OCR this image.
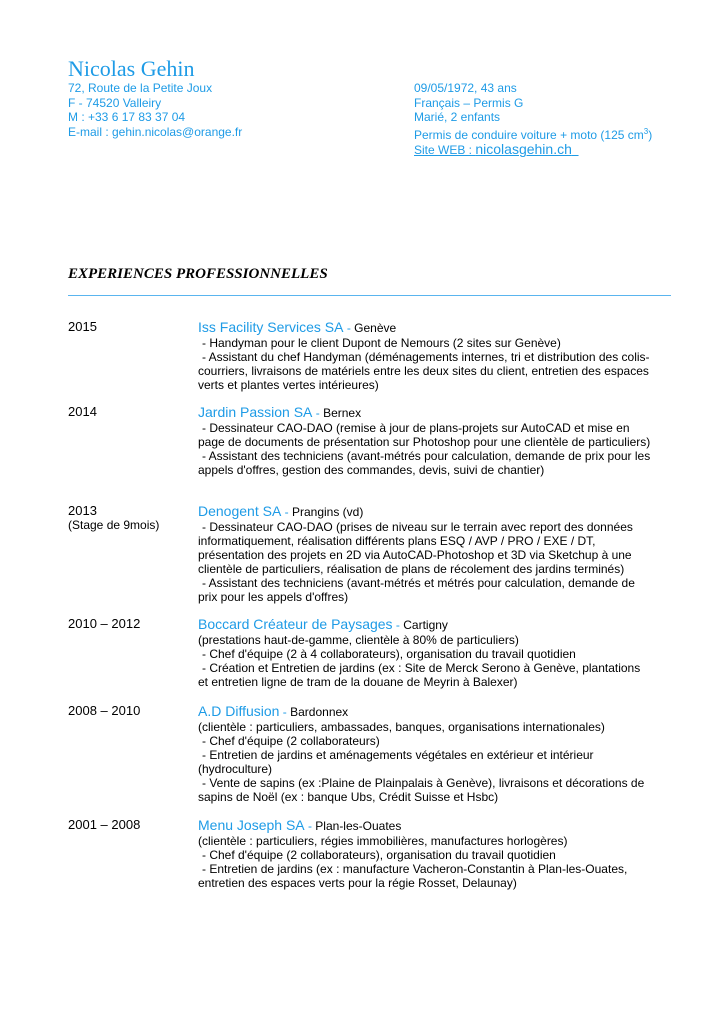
Nicolas Gehin
72, Route de la Petite Joux
F - 74520 Valleiry
M : +33 6 17 83 37 04
E-mail : gehin.nicolas@orange.fr
09/05/1972, 43 ans
Français – Permis G
Marié, 2 enfants
Permis de conduire voiture + moto (125 $cm^3$)
Site WEB : nicolasgehin.ch
EXPERIENCES PROFESSIONNELLES
2015	Iss Facility Services SA - Genève

- Handyman pour le client Dupont de Nemours (2 sites sur Genève)

- Assistant du chef Handyman (déménagements internes, tri et distribution des colis-courriers, livraisons de matériels entre les deux sites du client, entretien des espaces verts et plantes vertes intérieures)

2014	Jardin Passion SA - Bernex

- Dessinateur CAO-DAO (remise à jour de plans-projets sur AutoCAD et mise en page de documents de présentation sur Photoshop pour une clientèle de particuliers)

- Assistant des techniciens (avant-métrés pour calculation, demande de prix pour les appels d'offres, gestion des commandes, devis, suivi de chantier)

2013
(Stage de 9mois)
Denogent SA - Prangins (vd)

- Dessinateur CAO-DAO (prises de niveau sur le terrain avec report des données informatiquement, réalisation différents plans ESQ / AVP / PRO / EXE / DT, présentation des projets en 2D via AutoCAD-Photoshop et 3D via Sketchup à une clientèle de particuliers, réalisation de plans de récolement des jardins terminés)

- Assistant des techniciens (avant-métrés et métrés pour calculation, demande de prix pour les appels d'offres)

2010 – 2012	Boccard Créateur de Paysages - Cartigny

(prestations haut-de-gamme, clientèle à 80% de particuliers)

- Chef d'équipe (2 à 4 collaborateurs), organisation du travail quotidien

- Création et Entretien de jardins (ex : Site de Merck Serono à Genève, plantations et entretien ligne de tram de la douane de Meyrin à Balexer)

2008 – 2010	A.D Diffusion - Bardonnex

(clientèle : particuliers, ambassades, banques, organisations internationales)

- Chef d'équipe (2 collaborateurs)

- Entretien de jardins et aménagements végétales en extérieur et intérieur (hydroculture)

- Vente de sapins (ex :Plaine de Plainpalais à Genève), livraisons et décorations de sapins de Noël (ex : banque Ubs, Crédit Suisse et Hsbc)

2001 – 2008	Menu Joseph SA - Plan-les-Ouates

(clientèle : particuliers, régies immobilières, manufactures horlogères)

- Chef d'équipe (2 collaborateurs), organisation du travail quotidien

- Entretien de jardins (ex : manufacture Vacheron-Constantin à Plan-les-Ouates, entretien des espaces verts pour la régie Rosset, Delaunay)
